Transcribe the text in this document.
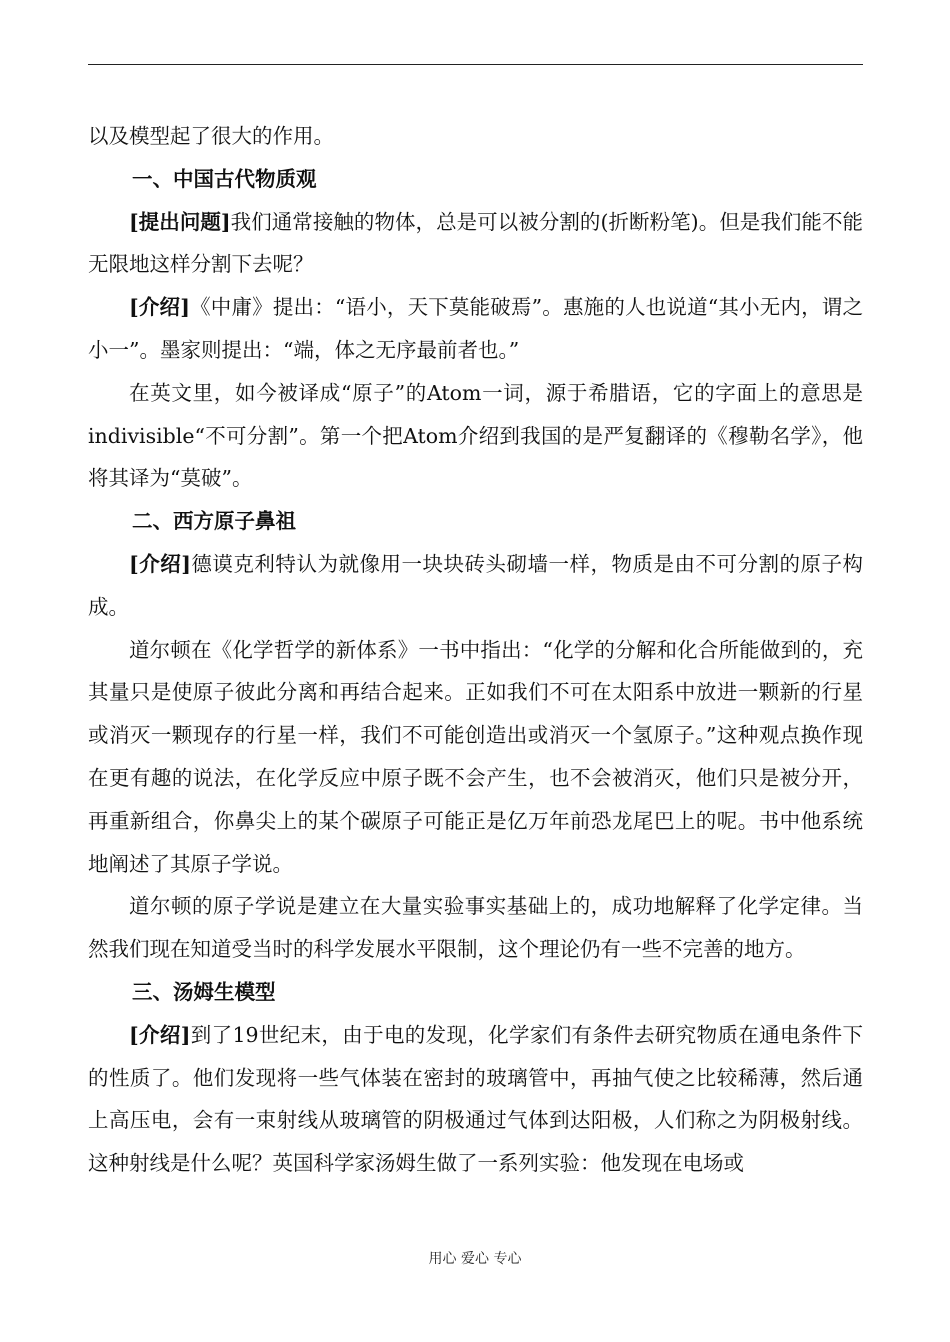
以及模型起了很大的作用。

一、中国古代物质观

[提出问题]我们通常接触的物体，总是可以被分割的(折断粉笔)。但是我们能不能无限地这样分割下去呢？

[介绍]《中庸》提出：“语小，天下莫能破焉”。惠施的人也说道“其小无内，谓之小一”。墨家则提出：“端，体之无序最前者也。”

在英文里，如今被译成“原子”的Atom一词，源于希腊语，它的字面上的意思是indivisible“不可分割”。第一个把Atom介绍到我国的是严复翻译的《穆勒名学》，他将其译为“莫破”。

二、西方原子鼻祖

[介绍]德谟克利特认为就像用一块块砖头砌墙一样，物质是由不可分割的原子构成。

道尔顿在《化学哲学的新体系》一书中指出：“化学的分解和化合所能做到的，充其量只是使原子彼此分离和再结合起来。正如我们不可在太阳系中放进一颗新的行星或消灭一颗现存的行星一样，我们不可能创造出或消灭一个氢原子。”这种观点换作现在更有趣的说法，在化学反应中原子既不会产生，也不会被消灭，他们只是被分开，再重新组合，你鼻尖上的某个碳原子可能正是亿万年前恐龙尾巴上的呢。书中他系统地阐述了其原子学说。

道尔顿的原子学说是建立在大量实验事实基础上的，成功地解释了化学定律。当然我们现在知道受当时的科学发展水平限制，这个理论仍有一些不完善的地方。

三、汤姆生模型

[介绍]到了19世纪末，由于电的发现，化学家们有条件去研究物质在通电条件下的性质了。他们发现将一些气体装在密封的玻璃管中，再抽气使之比较稀薄，然后通上高压电，会有一束射线从玻璃管的阴极通过气体到达阳极，人们称之为阴极射线。这种射线是什么呢？英国科学家汤姆生做了一系列实验：他发现在电场或

用心 爱心 专心
